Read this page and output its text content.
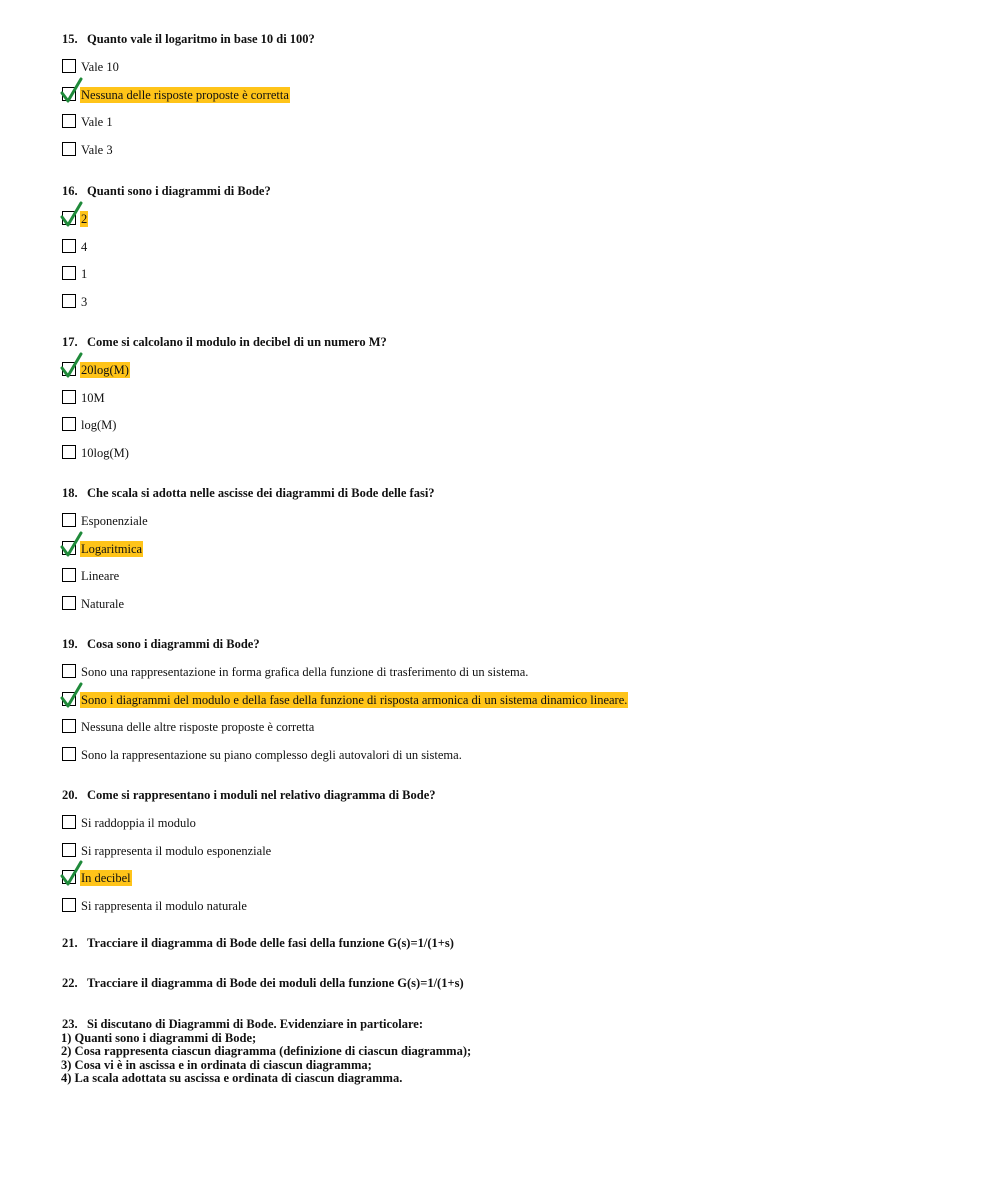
15. Quanto vale il logaritmo in base 10 di 100?
Vale 10
Nessuna delle risposte proposte è corretta
Vale 1
Vale 3
16. Quanti sono i diagrammi di Bode?
2
4
1
3
17. Come si calcolano il modulo in decibel di un numero M?
20log(M)
10M
log(M)
10log(M)
18. Che scala si adotta nelle ascisse dei diagrammi di Bode delle fasi?
Esponenziale
Logaritmica
Lineare
Naturale
19. Cosa sono i diagrammi di Bode?
Sono una rappresentazione in forma grafica della funzione di trasferimento di un sistema.
Sono i diagrammi del modulo e della fase della funzione di risposta armonica di un sistema dinamico lineare.
Nessuna delle altre risposte proposte è corretta
Sono la rappresentazione su piano complesso degli autovalori di un sistema.
20. Come si rappresentano i moduli nel relativo diagramma di Bode?
Si raddoppia il modulo
Si rappresenta il modulo esponenziale
In decibel
Si rappresenta il modulo naturale
21. Tracciare il diagramma di Bode delle fasi della funzione G(s)=1/(1+s)
22. Tracciare il diagramma di Bode dei moduli della funzione G(s)=1/(1+s)
23. Si discutano di Diagrammi di Bode. Evidenziare in particolare:
1) Quanti sono i diagrammi di Bode;
2) Cosa rappresenta ciascun diagramma (definizione di ciascun diagramma);
3) Cosa vi è in ascissa e in ordinata di ciascun diagramma;
4) La scala adottata su ascissa e ordinata di ciascun diagramma.
